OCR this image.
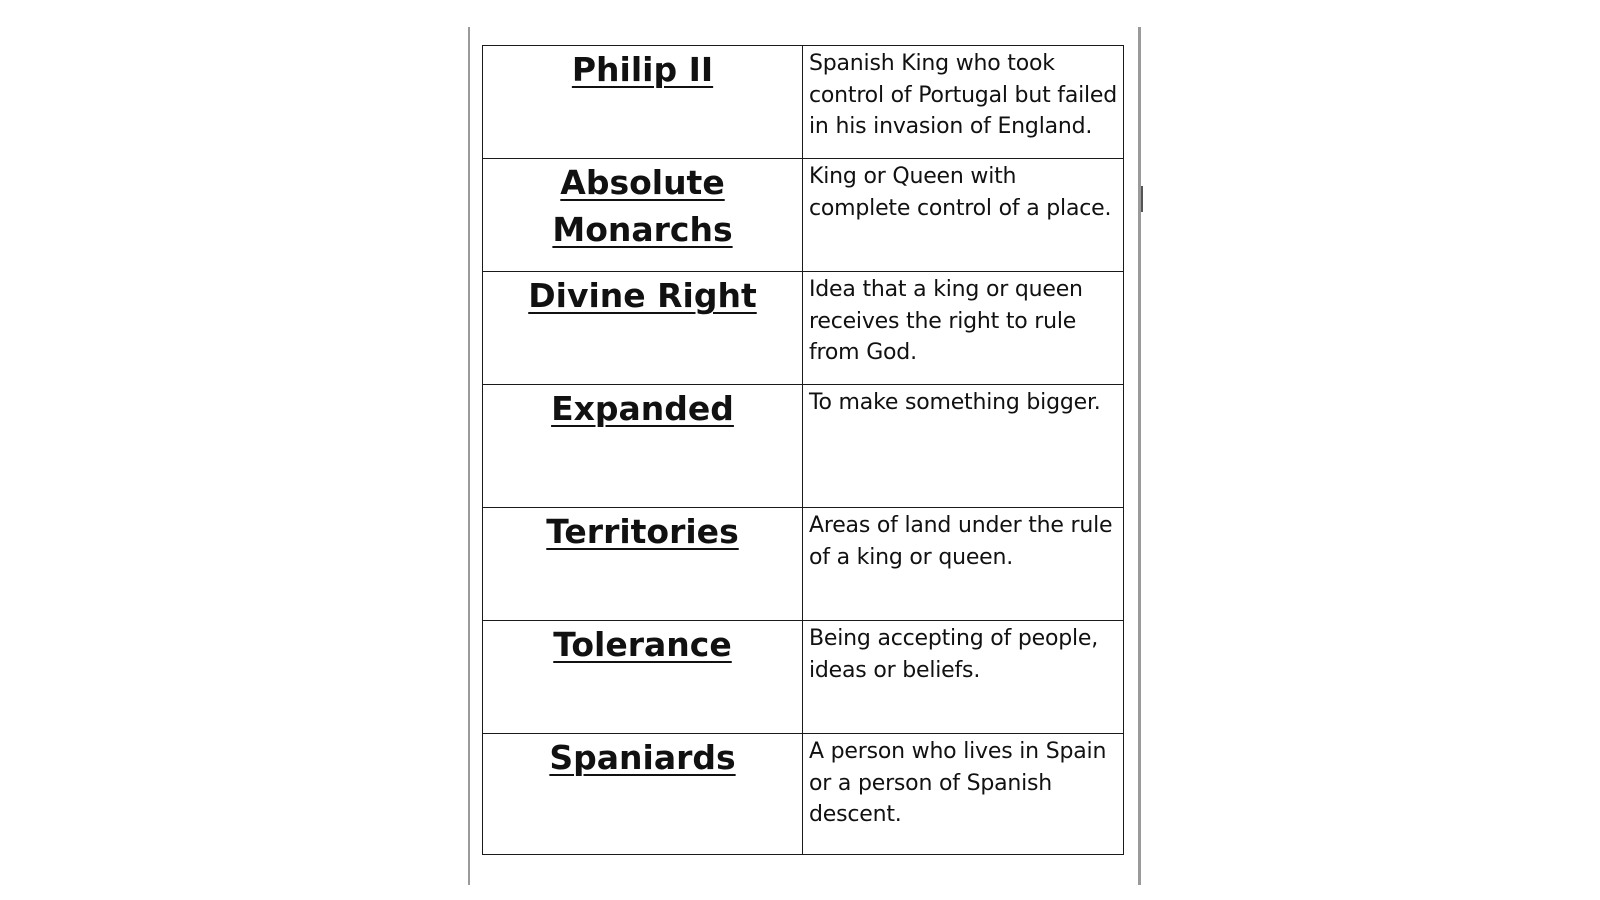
Philip II	Spanish King who took control of Portugal but failed in his invasion of England.

Absolute Monarchs	King or Queen with complete control of a place.

Divine Right	Idea that a king or queen receives the right to rule from God.

Expanded	To make something bigger.

Territories	Areas of land under the rule of a king or queen.

Tolerance	Being accepting of people, ideas or beliefs.

Spaniards	A person who lives in Spain or a person of Spanish descent.
